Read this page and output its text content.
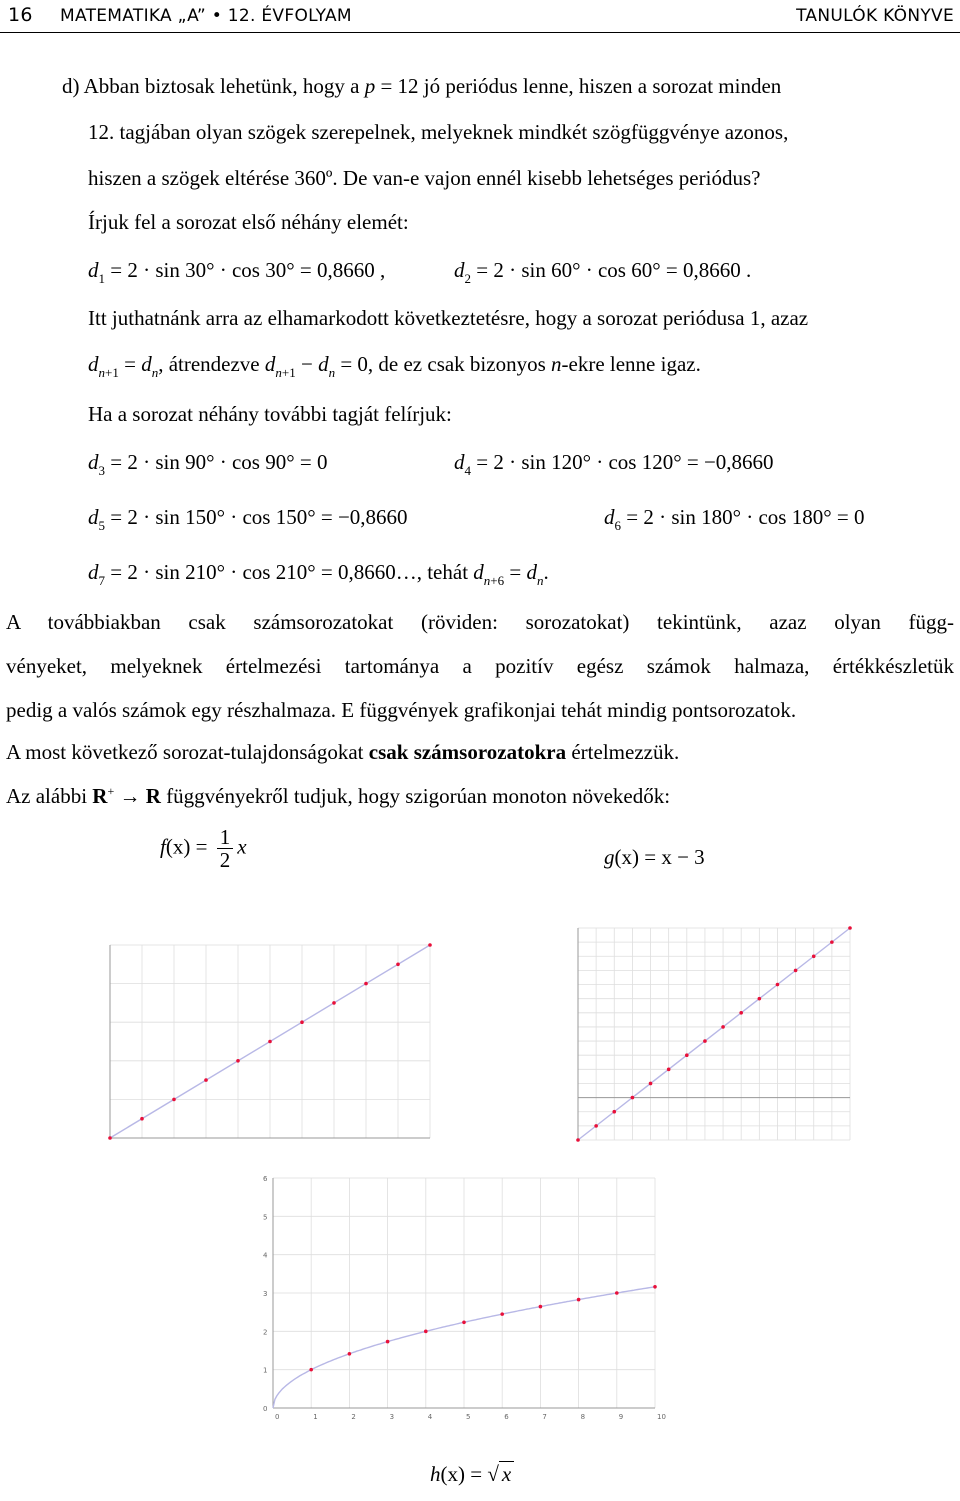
16 MATEMATIKA „A” • 12. ÉVFOLYAM	TANULÓK KÖNYVE
d) Abban biztosak lehetünk, hogy a p = 12 jó periódus lenne, hiszen a sorozat minden
12. tagjában olyan szögek szerepelnek, melyeknek mindkét szögfüggvénye azonos,
hiszen a szögek eltérése 360º. De van-e vajon ennél kisebb lehetséges periódus?
Írjuk fel a sorozat első néhány elemét:
$d_1 = 2 \cdot \sin 30^\circ \cdot \cos 30^\circ = 0,8660$ ,	$d_2 = 2 \cdot \sin 60^\circ \cdot \cos 60^\circ = 0,8660$ .
Itt juthatnánk arra az elhamarkodott következtetésre, hogy a sorozat periódusa 1, azaz
$d_{n+1} = d_n$, átrendezve $d_{n+1} - d_n = 0$, de ez csak bizonyos n-ekre lenne igaz.
Ha a sorozat néhány további tagját felírjuk:
$d_3 = 2 \cdot \sin 90^\circ \cdot \cos 90^\circ = 0$	$d_4 = 2 \cdot \sin 120^\circ \cdot \cos 120^\circ = -0,8660$
$d_5 = 2 \cdot \sin 150^\circ \cdot \cos 150^\circ = -0,8660$	$d_6 = 2 \cdot \sin 180^\circ \cdot \cos 180^\circ = 0$
$d_7 = 2 \cdot \sin 210^\circ \cdot \cos 210^\circ$ = 0,8660…, tehát $d_{n+6} = d_n$.
A továbbiakban csak számsorozatokat (röviden: sorozatokat) tekintünk, azaz olyan függ-
vényeket, melyeknek értelmezési tartománya a pozitív egész számok halmaza, értékkészletük
pedig a valós számok egy részhalmaza. E függvények grafikonjai tehát mindig pontsorozatok.
A most következő sorozat-tulajdonságokat csak számsorozatokra értelmezzük.
Az alábbi R+ → R függvényekről tudjuk, hogy szigorúan monoton növekedők:
$f(x) = \frac{1}{2}$ x	g(x) = x − 3
0	1	2	3	4	5	6	7	8	9	10
0
1
2
3
4
5
6
h(x) = √ x
